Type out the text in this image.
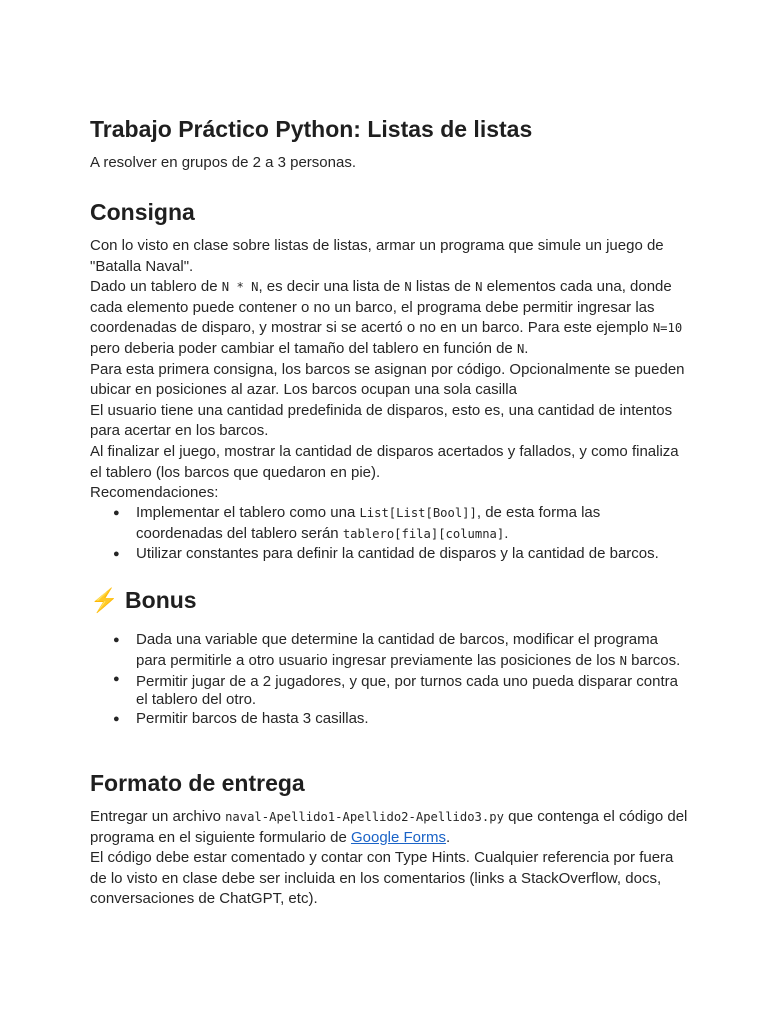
Trabajo Práctico Python: Listas de listas

A resolver en grupos de 2 a 3 personas.

Consigna

Con lo visto en clase sobre listas de listas, armar un programa que simule un juego de "Batalla Naval".

Dado un tablero de N * N, es decir una lista de N listas de N elementos cada una, donde cada elemento puede contener o no un barco, el programa debe permitir ingresar las coordenadas de disparo, y mostrar si se acertó o no en un barco. Para este ejemplo N=10 pero deberia poder cambiar el tamaño del tablero en función de N.

Para esta primera consigna, los barcos se asignan por código. Opcionalmente se pueden ubicar en posiciones al azar. Los barcos ocupan una sola casilla

El usuario tiene una cantidad predefinida de disparos, esto es, una cantidad de intentos para acertar en los barcos.

Al finalizar el juego, mostrar la cantidad de disparos acertados y fallados, y como finaliza el tablero (los barcos que quedaron en pie).

Recomendaciones:

● Implementar el tablero como una List[List[Bool]], de esta forma las coordenadas del tablero serán tablero[fila][columna].
● Utilizar constantes para definir la cantidad de disparos y la cantidad de barcos.
⚡ Bonus
● Dada una variable que determine la cantidad de barcos, modificar el programa para permitirle a otro usuario ingresar previamente las posiciones de los N barcos.
● Permitir jugar de a 2 jugadores, y que, por turnos cada uno pueda disparar contra el tablero del otro.
● Permitir barcos de hasta 3 casillas.
Formato de entrega

Entregar un archivo naval-Apellido1-Apellido2-Apellido3.py que contenga el código del programa en el siguiente formulario de Google Forms.

El código debe estar comentado y contar con Type Hints. Cualquier referencia por fuera de lo visto en clase debe ser incluida en los comentarios (links a StackOverflow, docs, conversaciones de ChatGPT, etc).
